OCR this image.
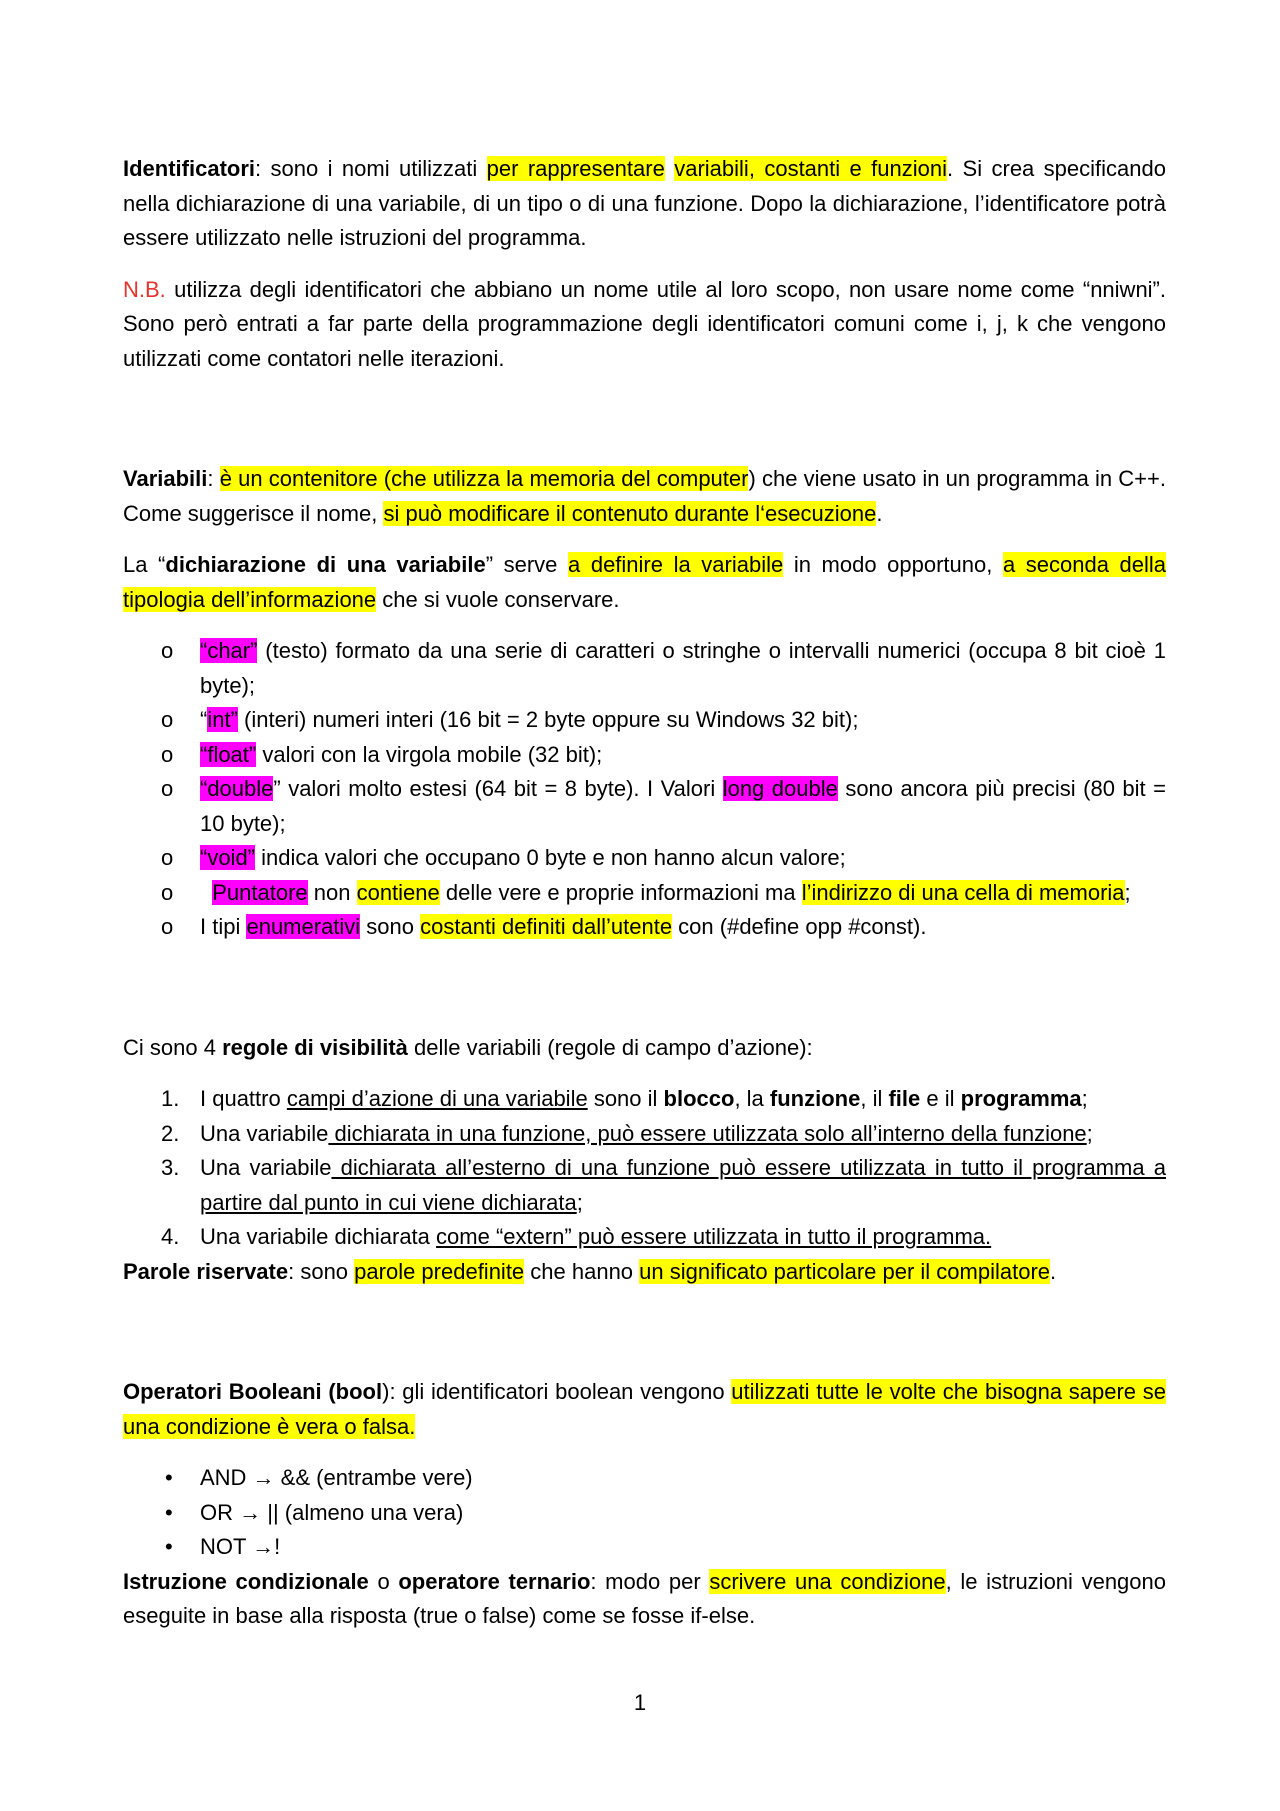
Identificatori: sono i nomi utilizzati per rappresentare variabili, costanti e funzioni. Si crea specificando nella dichiarazione di una variabile, di un tipo o di una funzione. Dopo la dichiarazione, l’identificatore potrà essere utilizzato nelle istruzioni del programma.

N.B. utilizza degli identificatori che abbiano un nome utile al loro scopo, non usare nome come “nniwni”. Sono però entrati a far parte della programmazione degli identificatori comuni come i, j, k che vengono utilizzati come contatori nelle iterazioni.

Variabili: è un contenitore (che utilizza la memoria del computer) che viene usato in un programma in C++. Come suggerisce il nome, si può modificare il contenuto durante l‘esecuzione.

La “dichiarazione di una variabile” serve a definire la variabile in modo opportuno, a seconda della tipologia dell’informazione che si vuole conservare.

o	“char” (testo) formato da una serie di caratteri o stringhe o intervalli numerici (occupa 8 bit cioè 1 byte);
o	“int” (interi) numeri interi (16 bit = 2 byte oppure su Windows 32 bit);
o	“float” valori con la virgola mobile (32 bit);
o	“double” valori molto estesi (64 bit = 8 byte). I Valori long double sono ancora più precisi (80 bit = 10 byte);
o	“void” indica valori che occupano 0 byte e non hanno alcun valore;
o	Puntatore non contiene delle vere e proprie informazioni ma l’indirizzo di una cella di memoria;
o	I tipi enumerativi sono costanti definiti dall’utente con (#define opp #const).

Ci sono 4 regole di visibilità delle variabili (regole di campo d’azione):

1. I quattro campi d’azione di una variabile sono il blocco, la funzione, il file e il programma;
2. Una variabile dichiarata in una funzione, può essere utilizzata solo all’interno della funzione;
3. Una variabile dichiarata all’esterno di una funzione può essere utilizzata in tutto il programma a partire dal punto in cui viene dichiarata;
4. Una variabile dichiarata come “extern” può essere utilizzata in tutto il programma.

Parole riservate: sono parole predefinite che hanno un significato particolare per il compilatore.

Operatori Booleani (bool): gli identificatori boolean vengono utilizzati tutte le volte che bisogna sapere se una condizione è vera o falsa.

•	AND → && (entrambe vere)
•	OR → || (almeno una vera)
•	NOT →!

Istruzione condizionale o operatore ternario: modo per scrivere una condizione, le istruzioni vengono eseguite in base alla risposta (true o false) come se fosse if-else.

1
